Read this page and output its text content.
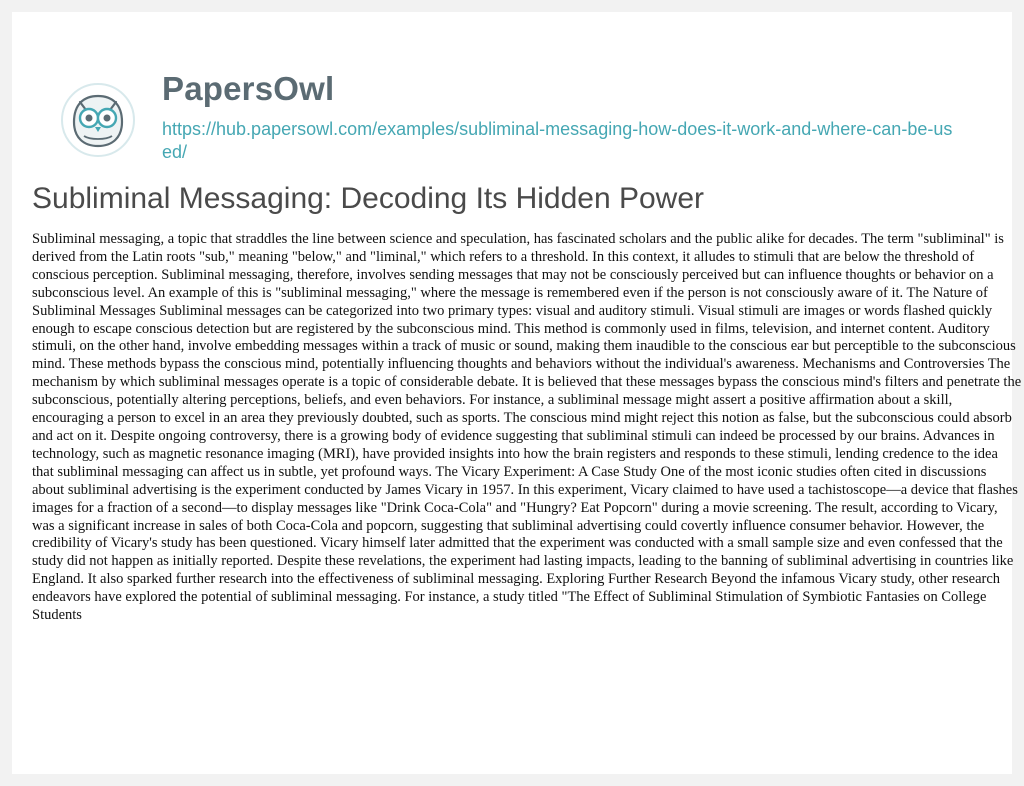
PapersOwl
https://hub.papersowl.com/examples/subliminal-messaging-how-does-it-work-and-where-can-be-used/
Subliminal Messaging: Decoding Its Hidden Power

Subliminal messaging, a topic that straddles the line between science and speculation, has fascinated scholars and the public alike for decades. The term "subliminal" is derived from the Latin roots "sub," meaning "below," and "liminal," which refers to a threshold. In this context, it alludes to stimuli that are below the threshold of conscious perception. Subliminal messaging, therefore, involves sending messages that may not be consciously perceived but can influence thoughts or behavior on a subconscious level. An example of this is "subliminal messaging," where the message is remembered even if the person is not consciously aware of it. The Nature of Subliminal Messages Subliminal messages can be categorized into two primary types: visual and auditory stimuli. Visual stimuli are images or words flashed quickly enough to escape conscious detection but are registered by the subconscious mind. This method is commonly used in films, television, and internet content. Auditory stimuli, on the other hand, involve embedding messages within a track of music or sound, making them inaudible to the conscious ear but perceptible to the subconscious mind. These methods bypass the conscious mind, potentially influencing thoughts and behaviors without the individual's awareness. Mechanisms and Controversies The mechanism by which subliminal messages operate is a topic of considerable debate. It is believed that these messages bypass the conscious mind's filters and penetrate the subconscious, potentially altering perceptions, beliefs, and even behaviors. For instance, a subliminal message might assert a positive affirmation about a skill, encouraging a person to excel in an area they previously doubted, such as sports. The conscious mind might reject this notion as false, but the subconscious could absorb and act on it. Despite ongoing controversy, there is a growing body of evidence suggesting that subliminal stimuli can indeed be processed by our brains. Advances in technology, such as magnetic resonance imaging (MRI), have provided insights into how the brain registers and responds to these stimuli, lending credence to the idea that subliminal messaging can affect us in subtle, yet profound ways. The Vicary Experiment: A Case Study One of the most iconic studies often cited in discussions about subliminal advertising is the experiment conducted by James Vicary in 1957. In this experiment, Vicary claimed to have used a tachistoscope—a device that flashes images for a fraction of a second—to display messages like "Drink Coca-Cola" and "Hungry? Eat Popcorn" during a movie screening. The result, according to Vicary, was a significant increase in sales of both Coca-Cola and popcorn, suggesting that subliminal advertising could covertly influence consumer behavior. However, the credibility of Vicary's study has been questioned. Vicary himself later admitted that the experiment was conducted with a small sample size and even confessed that the study did not happen as initially reported. Despite these revelations, the experiment had lasting impacts, leading to the banning of subliminal advertising in countries like England. It also sparked further research into the effectiveness of subliminal messaging. Exploring Further Research Beyond the infamous Vicary study, other research endeavors have explored the potential of subliminal messaging. For instance, a study titled "The Effect of Subliminal Stimulation of Symbiotic Fantasies on College Students
